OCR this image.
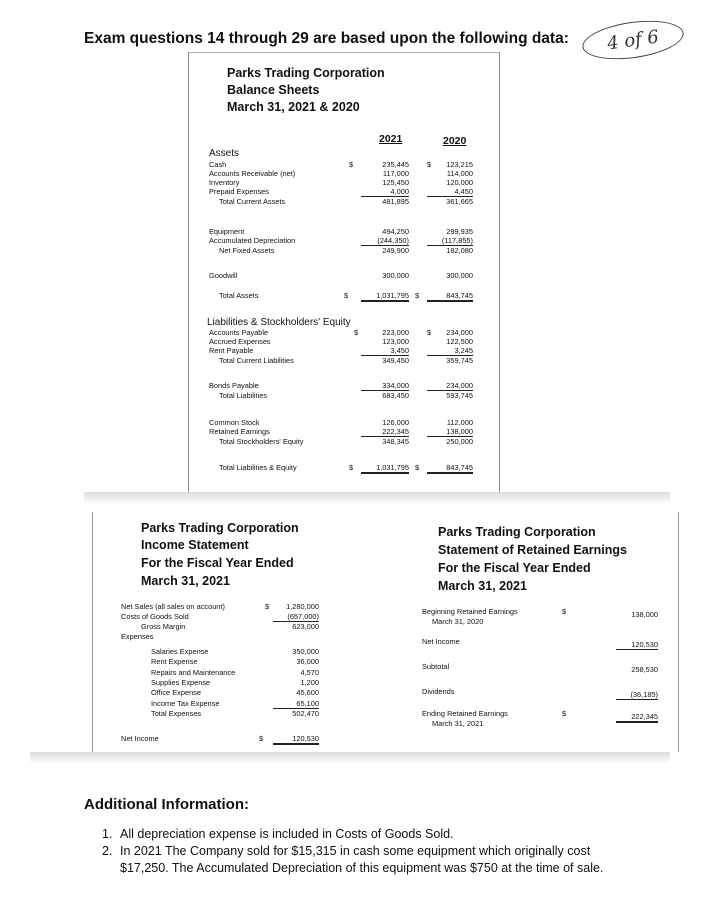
Exam questions 14 through 29 are based upon the following data:	4 of 6
Parks Trading Corporation
Balance Sheets
March 31, 2021 & 2020
2021	2020
Assets
Liabilities & Stockholders' Equity
Cash	235,445	123,215
Accounts Receivable (net)	117,000	114,000
Inventory	125,450	120,000
Prepaid Expenses	4,000	4,450
Total Current Assets	481,895	361,665
Equipment	494,250	299,935
Accumulated Depreciation	(244,350)	(117,855)
Net Fixed Assets	249,900	182,080
Goodwill	300,000	300,000
Total Assets	1,031,795	843,745
Accounts Payable	223,000	234,000
Accrued Expenses	123,000	122,500
Rent Payable	3,450	3,245
Total Current Liabilities	349,450	359,745
Bonds Payable	334,000	234,000
Total Liabilities	683,450	593,745
Common Stock	126,000	112,000
Retained Earnings	222,345	138,000
Total Stockholders' Equity	348,345	250,000
Total Liabilities & Equity	1,031,795	843,745
$	$
$	$
$	$
$	$
Parks Trading Corporation
Income Statement
For the Fiscal Year Ended
March 31, 2021
Net Sales (all sales on account)	1,280,000
Costs of Goods Sold	(657,000)
Gross Margin	623,000
Salaries Expense	350,000
Rent Expense	36,000
Repairs and Maintenance	4,570
Supplies Expense	1,200
Office Expense	45,600
Income Tax Expense	65,100
Total Expenses	502,470
Expenses
Net Income	120,530
$
$
Parks Trading Corporation
Statement of Retained Earnings
For the Fiscal Year Ended
March 31, 2021
Beginning Retained Earnings	138,000
Net Income	120,530
Subtotal	258,530
Dividends	(36,185)
Ending Retained Earnings	222,345
March 31, 2020
March 31, 2021
$
$
Additional Information:
1. All depreciation expense is included in Costs of Goods Sold.
2. In 2021 The Company sold for $15,315 in cash some equipment which originally cost
$17,250. The Accumulated Depreciation of this equipment was $750 at the time of sale.
